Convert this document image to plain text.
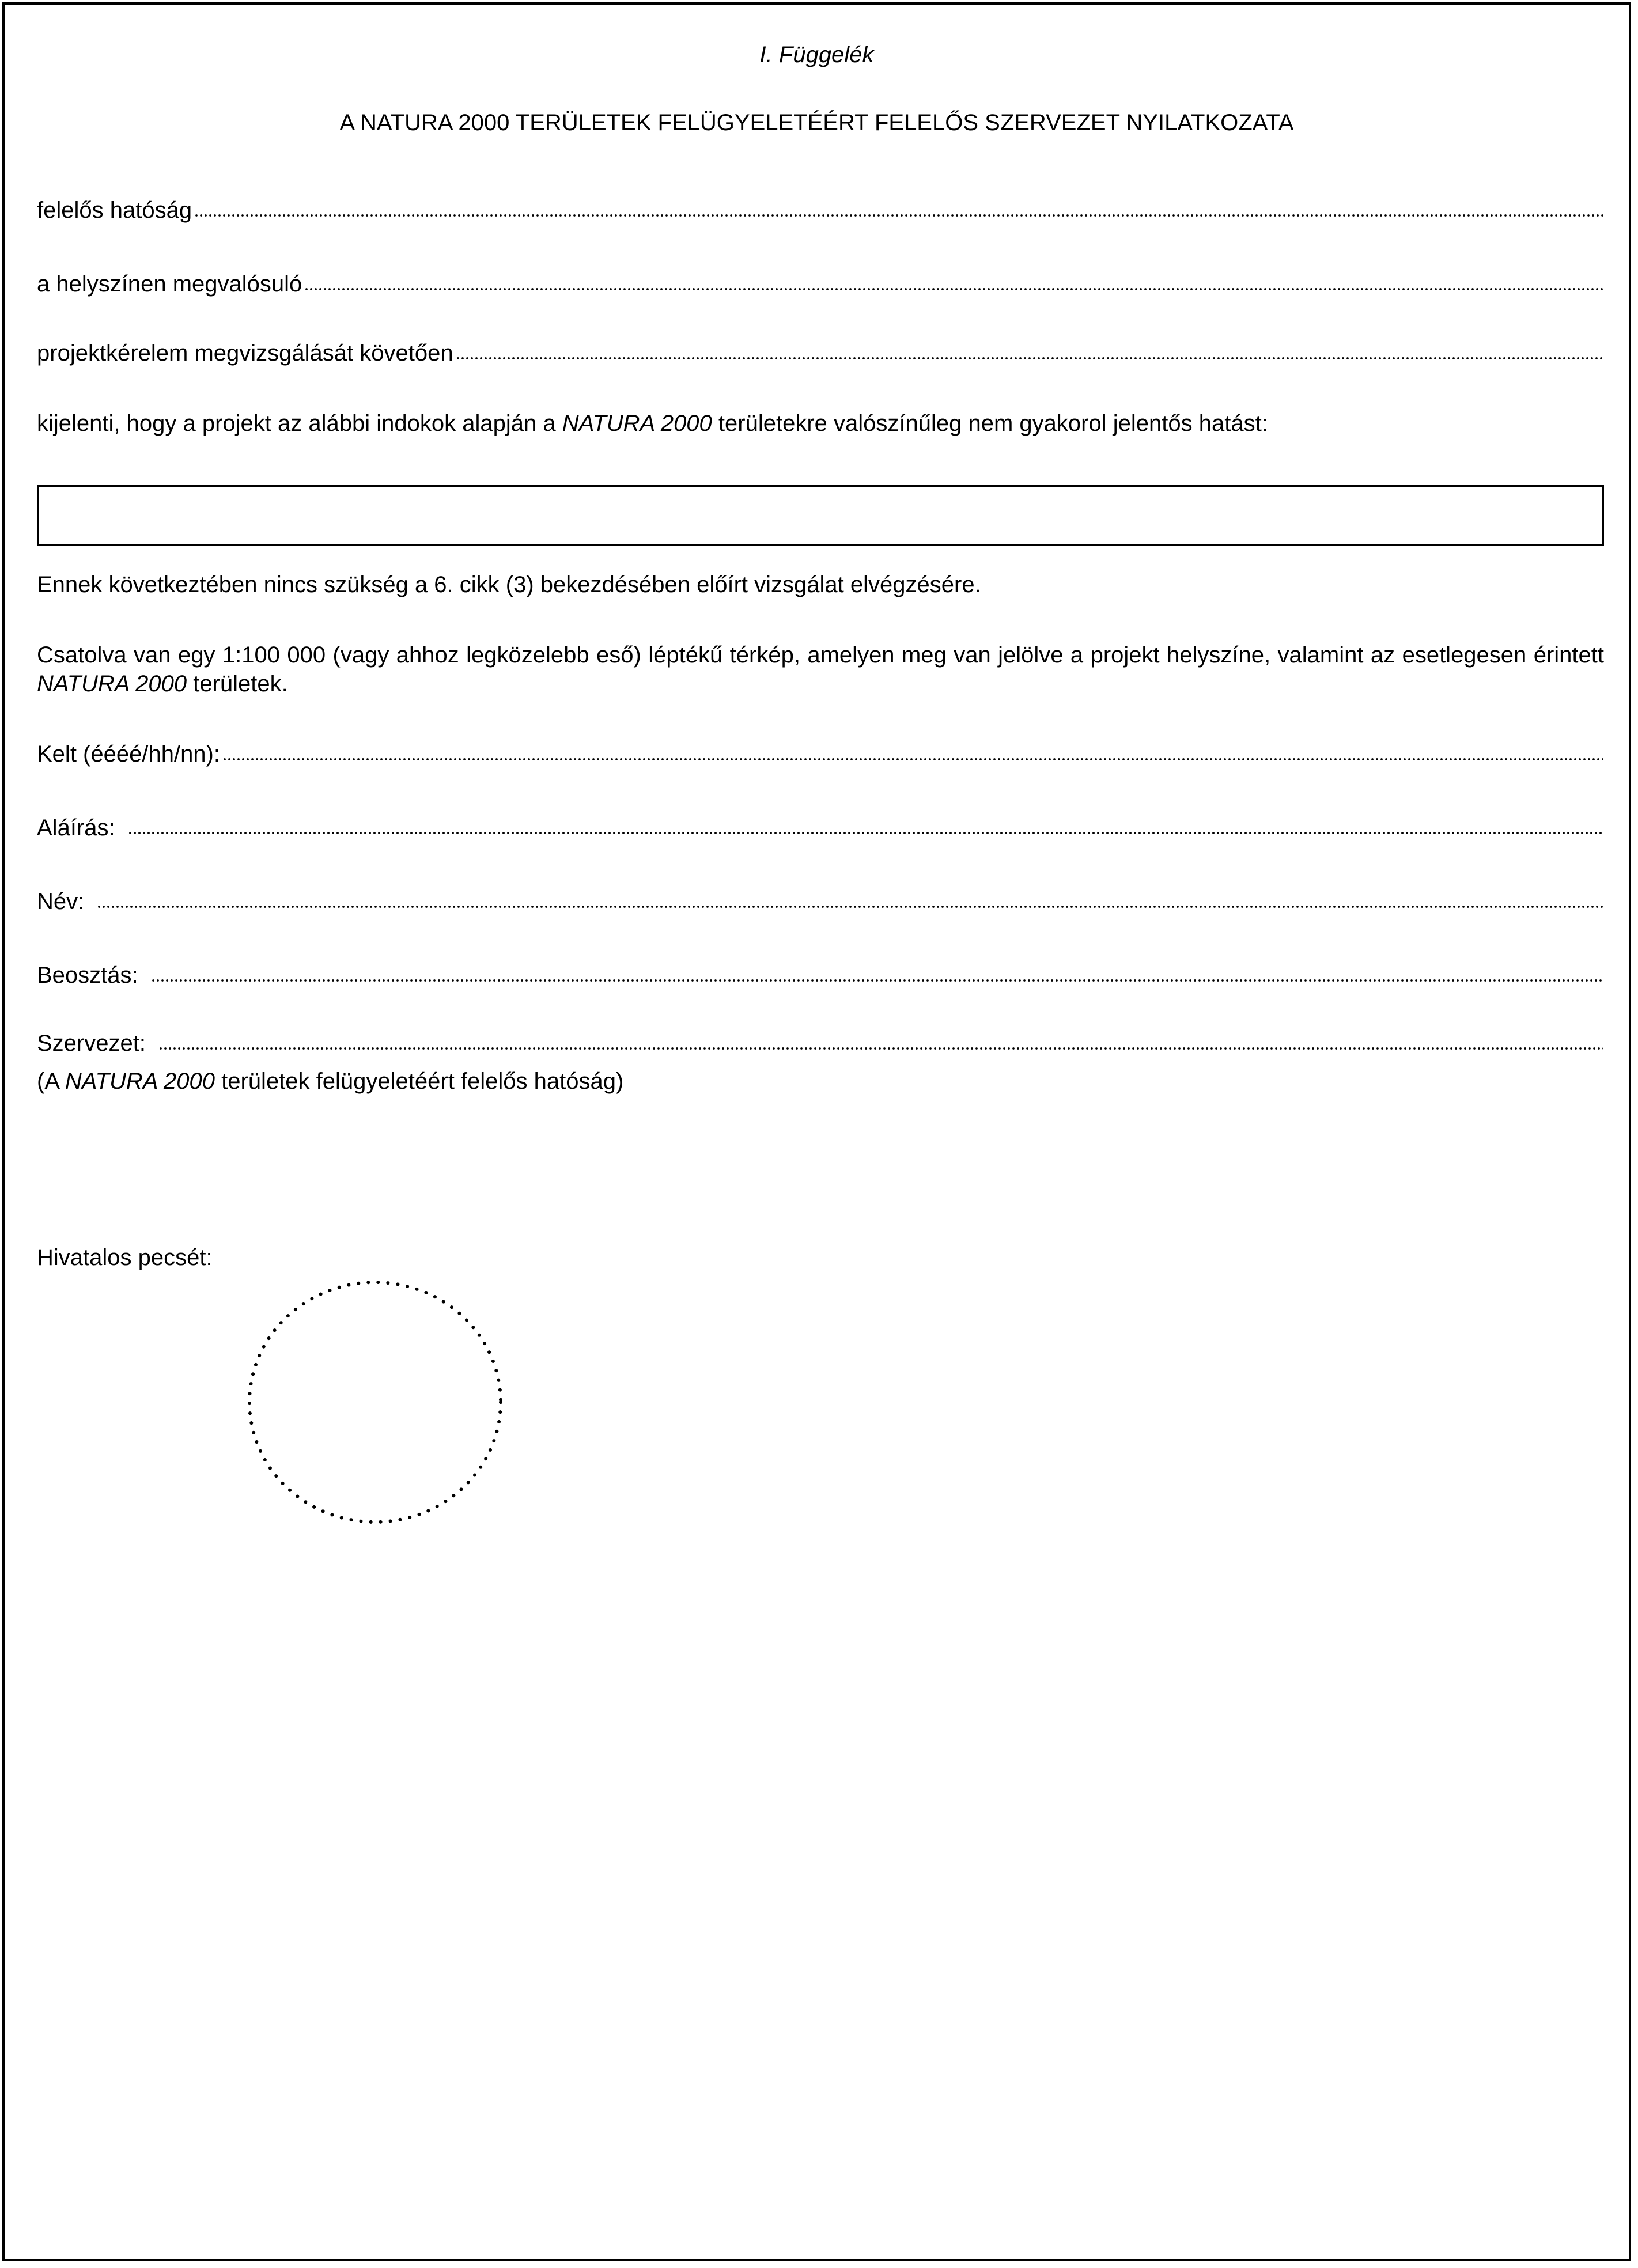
I. Függelék
A NATURA 2000 TERÜLETEK FELÜGYELETÉÉRT FELELŐS SZERVEZET NYILATKOZATA
felelős hatóság
a helyszínen megvalósuló
projektkérelem megvizsgálását követően
kijelenti, hogy a projekt az alábbi indokok alapján a NATURA 2000 területekre valószínűleg nem gyakorol jelentős hatást:
Ennek következtében nincs szükség a 6. cikk (3) bekezdésében előírt vizsgálat elvégzésére.
Csatolva van egy 1:100 000 (vagy ahhoz legközelebb eső) léptékű térkép, amelyen meg van jelölve a projekt helyszíne, valamint az esetlegesen érintett NATURA 2000 területek.
Kelt (éééé/hh/nn):
Aláírás:
Név:
Beosztás:
Szervezet:
(A NATURA 2000 területek felügyeletéért felelős hatóság)
Hivatalos pecsét:
